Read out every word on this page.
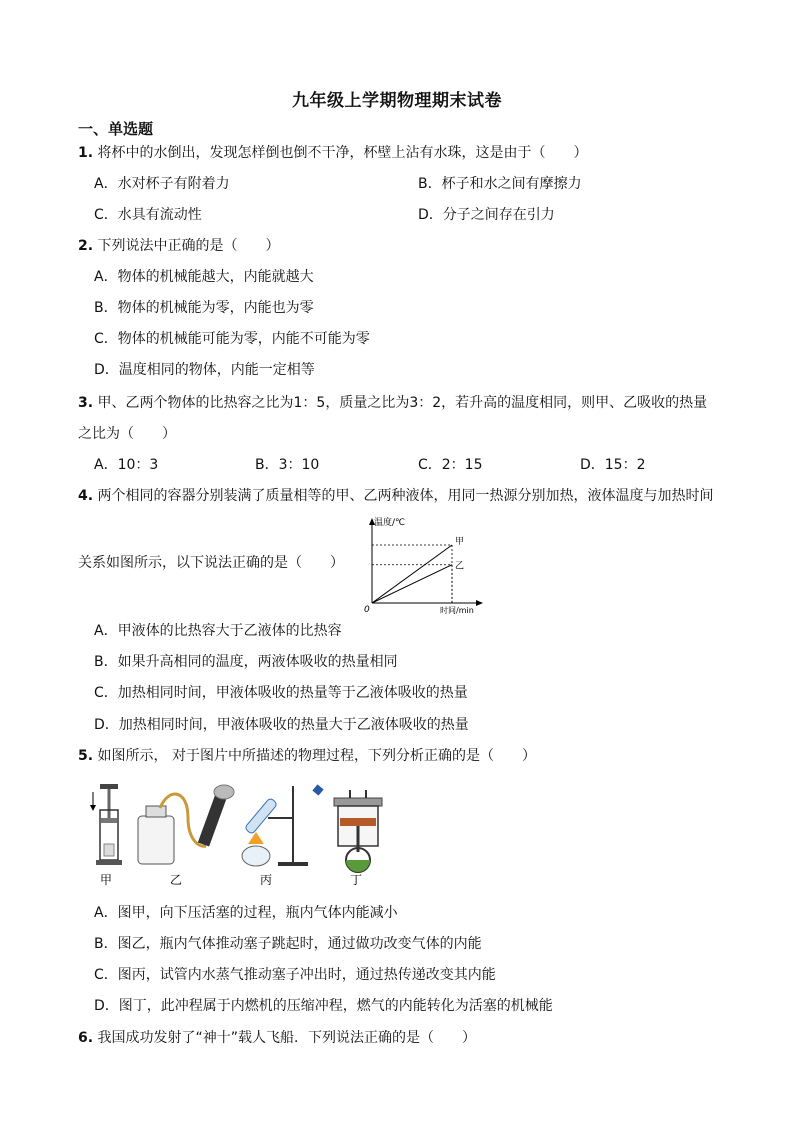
九年级上学期物理期末试卷
一、单选题
1. 将杯中的水倒出，发现怎样倒也倒不干净，杯壁上沾有水珠，这是由于（　　）
A．水对杯子有附着力	B．杯子和水之间有摩擦力
C．水具有流动性	D．分子之间存在引力
2. 下列说法中正确的是（　　）
A．物体的机械能越大，内能就越大
B．物体的机械能为零，内能也为零
C．物体的机械能可能为零，内能不可能为零
D．温度相同的物体，内能一定相等
3. 甲、乙两个物体的比热容之比为1：5，质量之比为3：2，若升高的温度相同，则甲、乙吸收的热量
之比为（　　）
A．10：3	B．3：10	C．2：15	D．15：2
4. 两个相同的容器分别装满了质量相等的甲、乙两种液体，用同一热源分别加热，液体温度与加热时间
关系如图所示，以下说法正确的是（　　）
甲
乙
温度/℃
时间/min
0
A．甲液体的比热容大于乙液体的比热容
B．如果升高相同的温度，两液体吸收的热量相同
C．加热相同时间，甲液体吸收的热量等于乙液体吸收的热量
D．加热相同时间，甲液体吸收的热量大于乙液体吸收的热量
5. 如图所示， 对于图片中所描述的物理过程，下列分析正确的是（　　）
甲	乙	丙	丁
A．图甲，向下压活塞的过程，瓶内气体内能减小
B．图乙，瓶内气体推动塞子跳起时，通过做功改变气体的内能
C．图丙，试管内水蒸气推动塞子冲出时，通过热传递改变其内能
D．图丁，此冲程属于内燃机的压缩冲程，燃气的内能转化为活塞的机械能
6. 我国成功发射了“神十”载人飞船．下列说法正确的是（　　）
